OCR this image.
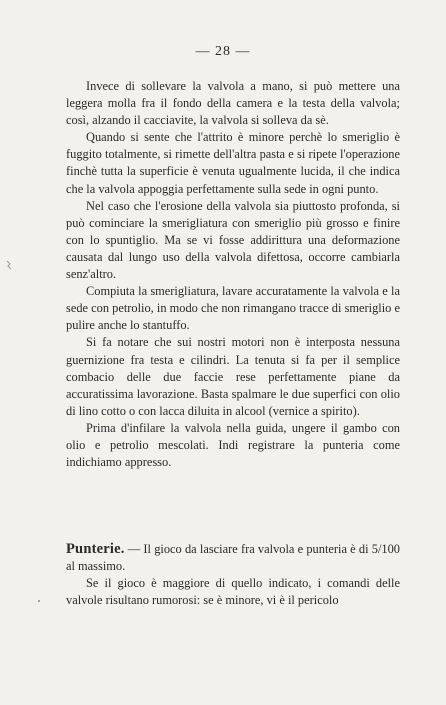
— 28 —

Invece di sollevare la valvola a mano, si può mettere una leggera molla fra il fondo della camera e la testa della valvola; così, alzando il cacciavite, la valvola si solleva da sè.

Quando si sente che l'attrito è minore perchè lo smeriglio è fuggito totalmente, si rimette dell'altra pasta e si ripete l'operazione finchè tutta la superficie è venuta ugualmente lucida, il che indica che la valvola appoggia perfettamente sulla sede in ogni punto.

Nel caso che l'erosione della valvola sia piuttosto profonda, si può cominciare la smerigliatura con smeriglio più grosso e finire con lo spuntiglio. Ma se vi fosse addirittura una deformazione causata dal lungo uso della valvola difettosa, occorre cambiarla senz'altro.

Compiuta la smerigliatura, lavare accuratamente la valvola e la sede con petrolio, in modo che non rimangano tracce di smeriglio e pulire anche lo stantuffo.

Si fa notare che sui nostri motori non è interposta nessuna guernizione fra testa e cilindri. La tenuta si fa per il semplice combacio delle due faccie rese perfettamente piane da accuratissima lavorazione. Basta spalmare le due superfici con olio di lino cotto o con lacca diluita in alcool (vernice a spirito).

Prima d'infilare la valvola nella guida, ungere il gambo con olio e petrolio mescolati. Indi registrare la punteria come indichiamo appresso.

Punterie. — Il gioco da lasciare fra valvola e punteria è di 5/100 al massimo.

Se il gioco è maggiore di quello indicato, i comandi delle valvole risultano rumorosi: se è minore, vi è il pericolo
